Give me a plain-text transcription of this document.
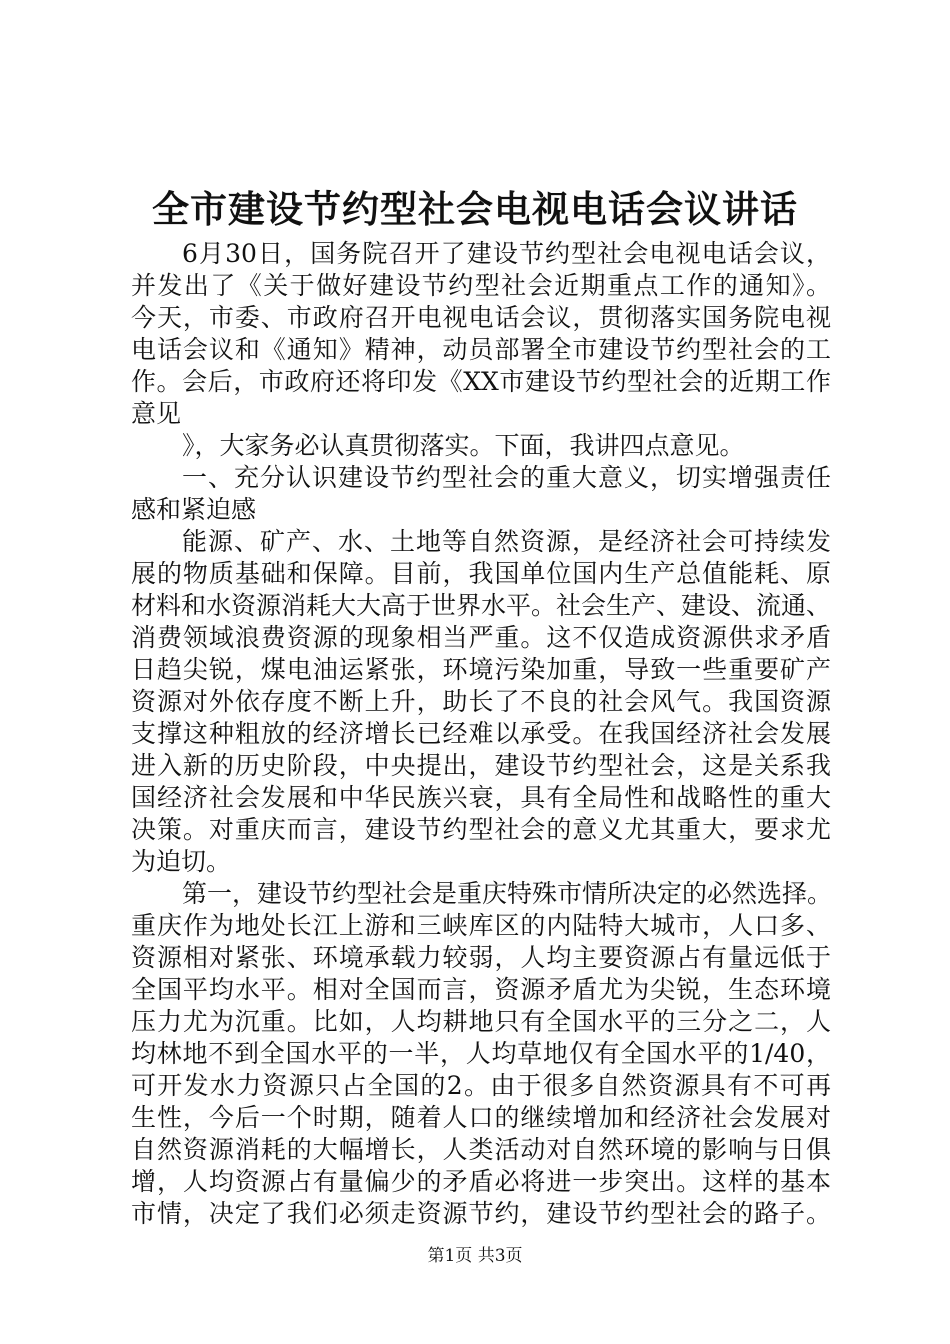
全市建设节约型社会电视电话会议讲话
6月30日，国务院召开了建设节约型社会电视电话会议，
并发出了《关于做好建设节约型社会近期重点工作的通知》。
今天，市委、市政府召开电视电话会议，贯彻落实国务院电视
电话会议和《通知》精神，动员部署全市建设节约型社会的工
作。会后，市政府还将印发《XX市建设节约型社会的近期工作
意见
》，大家务必认真贯彻落实。下面，我讲四点意见。
一、充分认识建设节约型社会的重大意义，切实增强责任
感和紧迫感
能源、矿产、水、土地等自然资源，是经济社会可持续发
展的物质基础和保障。目前，我国单位国内生产总值能耗、原
材料和水资源消耗大大高于世界水平。社会生产、建设、流通、
消费领域浪费资源的现象相当严重。这不仅造成资源供求矛盾
日趋尖锐，煤电油运紧张，环境污染加重，导致一些重要矿产
资源对外依存度不断上升，助长了不良的社会风气。我国资源
支撑这种粗放的经济增长已经难以承受。在我国经济社会发展
进入新的历史阶段，中央提出，建设节约型社会，这是关系我
国经济社会发展和中华民族兴衰，具有全局性和战略性的重大
决策。对重庆而言，建设节约型社会的意义尤其重大，要求尤
为迫切。
第一，建设节约型社会是重庆特殊市情所决定的必然选择。
重庆作为地处长江上游和三峡库区的内陆特大城市，人口多、
资源相对紧张、环境承载力较弱，人均主要资源占有量远低于
全国平均水平。相对全国而言，资源矛盾尤为尖锐，生态环境
压力尤为沉重。比如，人均耕地只有全国水平的三分之二，人
均林地不到全国水平的一半，人均草地仅有全国水平的1/40，
可开发水力资源只占全国的2。由于很多自然资源具有不可再
生性，今后一个时期，随着人口的继续增加和经济社会发展对
自然资源消耗的大幅增长，人类活动对自然环境的影响与日俱
增，人均资源占有量偏少的矛盾必将进一步突出。这样的基本
市情，决定了我们必须走资源节约，建设节约型社会的路子。
第1页 共3页
